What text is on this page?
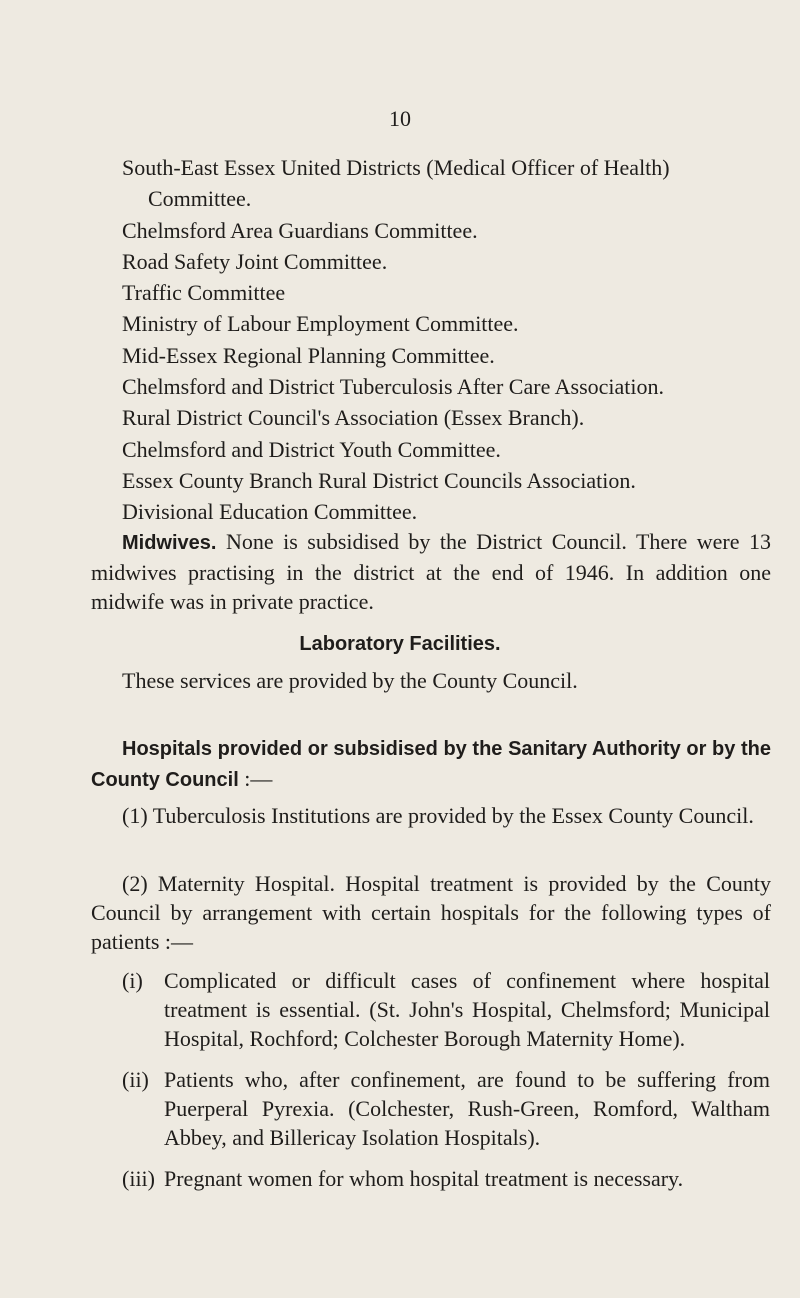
10
South-East Essex United Districts (Medical Officer of Health) Committee.
Chelmsford Area Guardians Committee.
Road Safety Joint Committee.
Traffic Committee
Ministry of Labour Employment Committee.
Mid-Essex Regional Planning Committee.
Chelmsford and District Tuberculosis After Care Association.
Rural District Council's Association (Essex Branch).
Chelmsford and District Youth Committee.
Essex County Branch Rural District Councils Association.
Divisional Education Committee.
Midwives. None is subsidised by the District Council. There were 13 midwives practising in the district at the end of 1946. In addition one midwife was in private practice.
Laboratory Facilities.
These services are provided by the County Council.
Hospitals provided or subsidised by the Sanitary Authority or by the County Council :—
(1) Tuberculosis Institutions are provided by the Essex County Council.
(2) Maternity Hospital. Hospital treatment is provided by the County Council by arrangement with certain hospitals for the following types of patients :—
(i) Complicated or difficult cases of confinement where hospital treatment is essential. (St. John's Hospital, Chelmsford; Municipal Hospital, Rochford; Colchester Borough Maternity Home).
(ii) Patients who, after confinement, are found to be suffering from Puerperal Pyrexia. (Colchester, Rush-Green, Romford, Waltham Abbey, and Billericay Isolation Hospitals).
(iii) Pregnant women for whom hospital treatment is necessary.
